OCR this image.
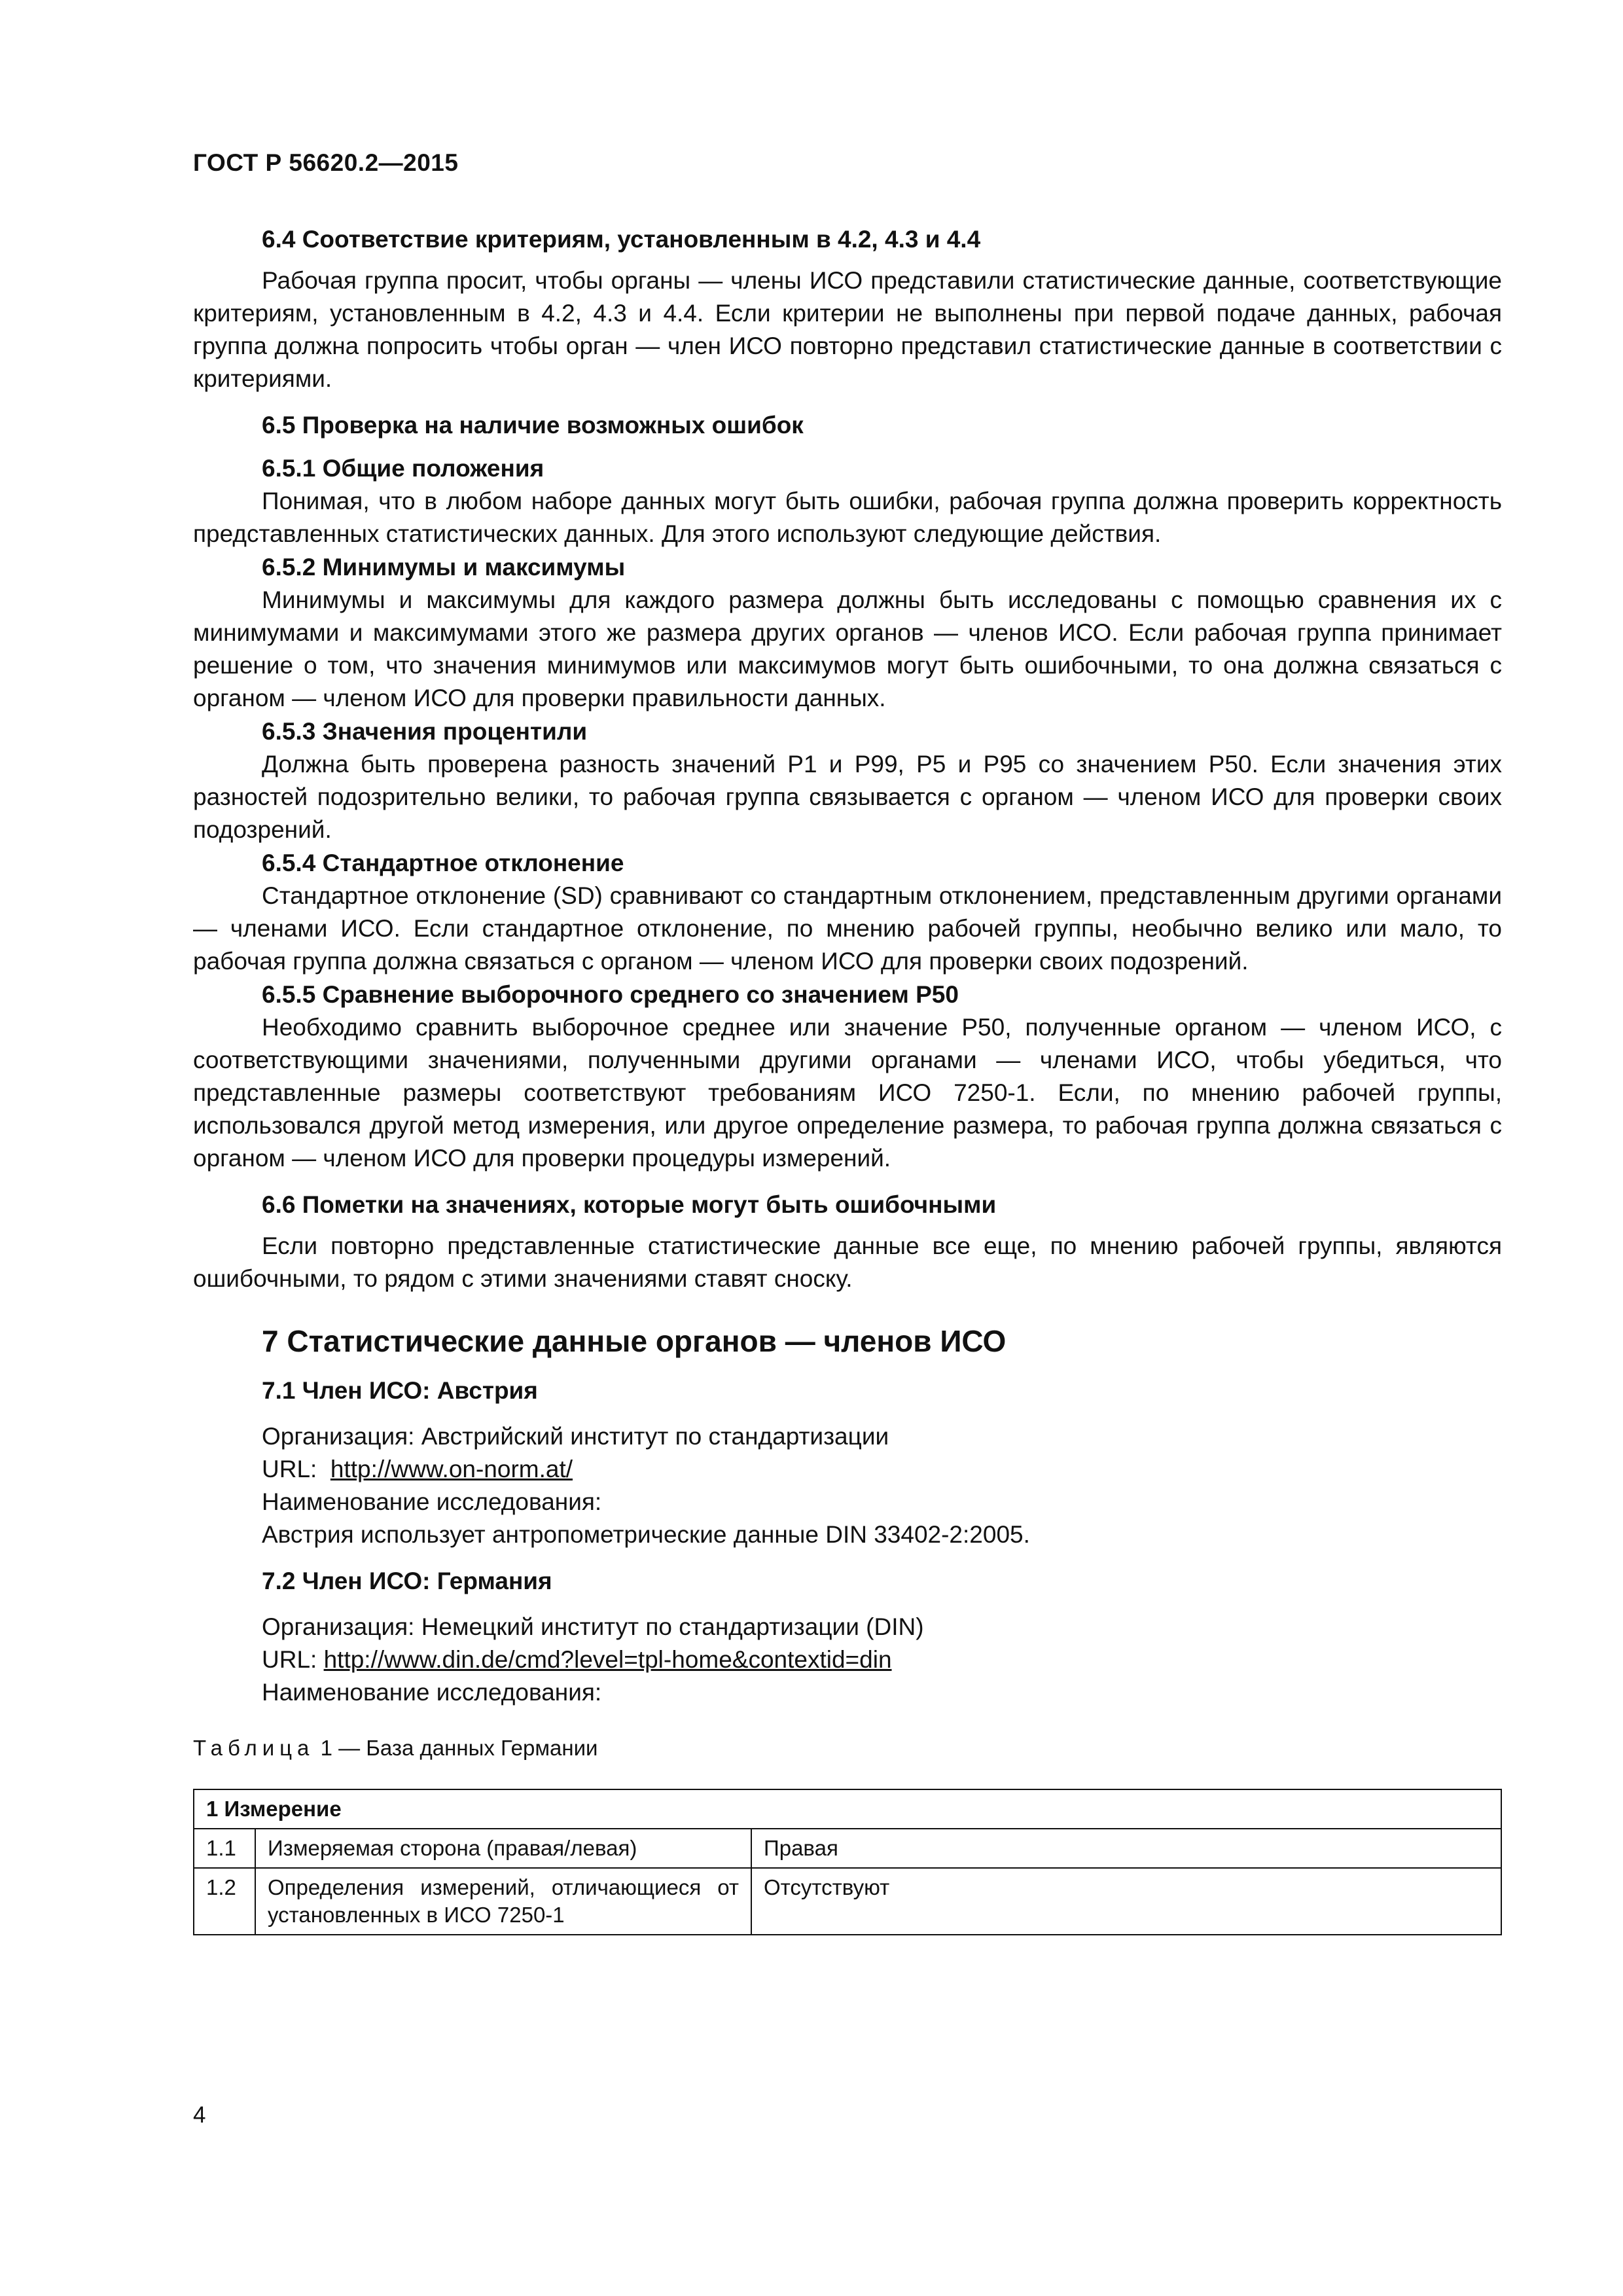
ГОСТ Р 56620.2—2015
6.4 Соответствие критериям, установленным в 4.2, 4.3 и 4.4
Рабочая группа просит, чтобы органы — члены ИСО представили статистические данные, соответствующие критериям, установленным в 4.2, 4.3 и 4.4. Если критерии не выполнены при первой подаче данных, рабочая группа должна попросить чтобы орган — член ИСО повторно представил статистические данные в соответствии с критериями.
6.5 Проверка на наличие возможных ошибок
6.5.1 Общие положения
Понимая, что в любом наборе данных могут быть ошибки, рабочая группа должна проверить корректность представленных статистических данных. Для этого используют следующие действия.
6.5.2 Минимумы и максимумы
Минимумы и максимумы для каждого размера должны быть исследованы с помощью сравнения их с минимумами и максимумами этого же размера других органов — членов ИСО. Если рабочая группа принимает решение о том, что значения минимумов или максимумов могут быть ошибочными, то она должна связаться с органом — членом ИСО для проверки правильности данных.
6.5.3 Значения процентили
Должна быть проверена разность значений P1 и P99, P5 и P95 со значением P50. Если значения этих разностей подозрительно велики, то рабочая группа связывается с органом — членом ИСО для проверки своих подозрений.
6.5.4 Стандартное отклонение
Стандартное отклонение (SD) сравнивают со стандартным отклонением, представленным другими органами — членами ИСО. Если стандартное отклонение, по мнению рабочей группы, необычно велико или мало, то рабочая группа должна связаться с органом — членом ИСО для проверки своих подозрений.
6.5.5 Сравнение выборочного среднего со значением P50
Необходимо сравнить выборочное среднее или значение P50, полученные органом — членом ИСО, с соответствующими значениями, полученными другими органами — членами ИСО, чтобы убедиться, что представленные размеры соответствуют требованиям ИСО 7250-1. Если, по мнению рабочей группы, использовался другой метод измерения, или другое определение размера, то рабочая группа должна связаться с органом — членом ИСО для проверки процедуры измерений.
6.6 Пометки на значениях, которые могут быть ошибочными
Если повторно представленные статистические данные все еще, по мнению рабочей группы, являются ошибочными, то рядом с этими значениями ставят сноску.
7 Статистические данные органов — членов ИСО
7.1 Член ИСО: Австрия
Организация: Австрийский институт по стандартизации
URL: http://www.on-norm.at/
Наименование исследования:
Австрия использует антропометрические данные DIN 33402-2:2005.
7.2 Член ИСО: Германия
Организация: Немецкий институт по стандартизации (DIN)
URL: http://www.din.de/cmd?level=tpl-home&contextid=din
Наименование исследования:
Таблица 1 — База данных Германии
1 Измерение		
1.1	Измеряемая сторона (правая/левая)	Правая
1.2	Определения измерений, отличающиеся от установленных в ИСО 7250-1	Отсутствуют
4
